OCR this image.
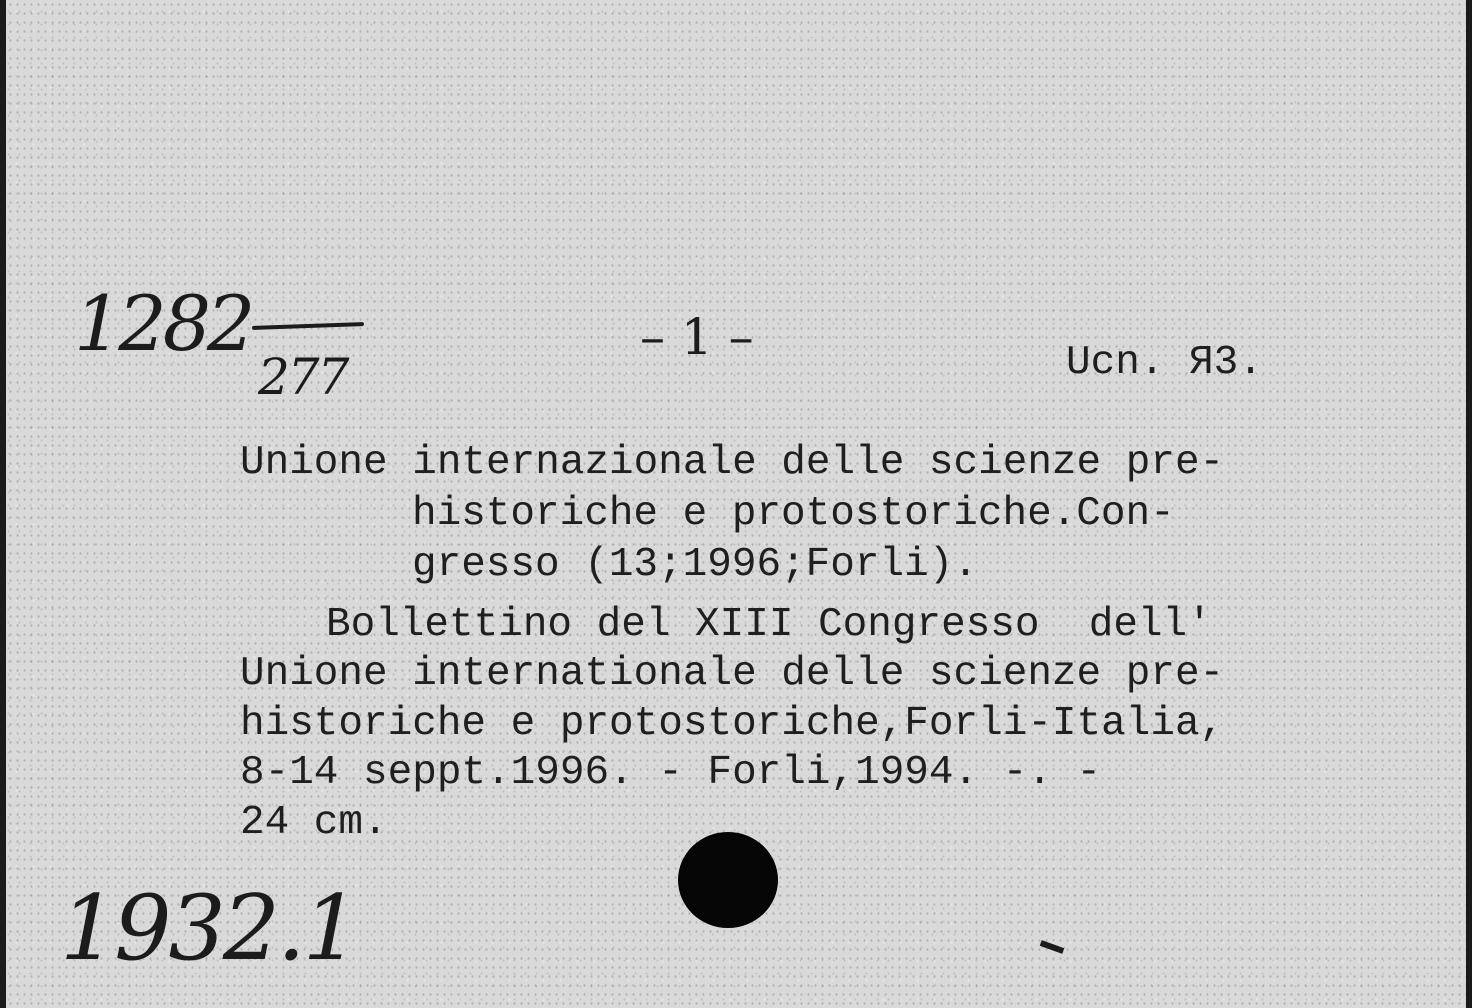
1282
277
– 1 –	Ucn. Я3.
Unione internazionale delle scienze pre-
historiche e protostoriche.Con-
gresso (13;1996;Forli).
Bollettino del XIII Congresso  dell'
Unione internationale delle scienze pre-
historiche e protostoriche,Forli-Italia,
8-14 seppt.1996. - Forli,1994. -. -
24 cm.
1932.1
